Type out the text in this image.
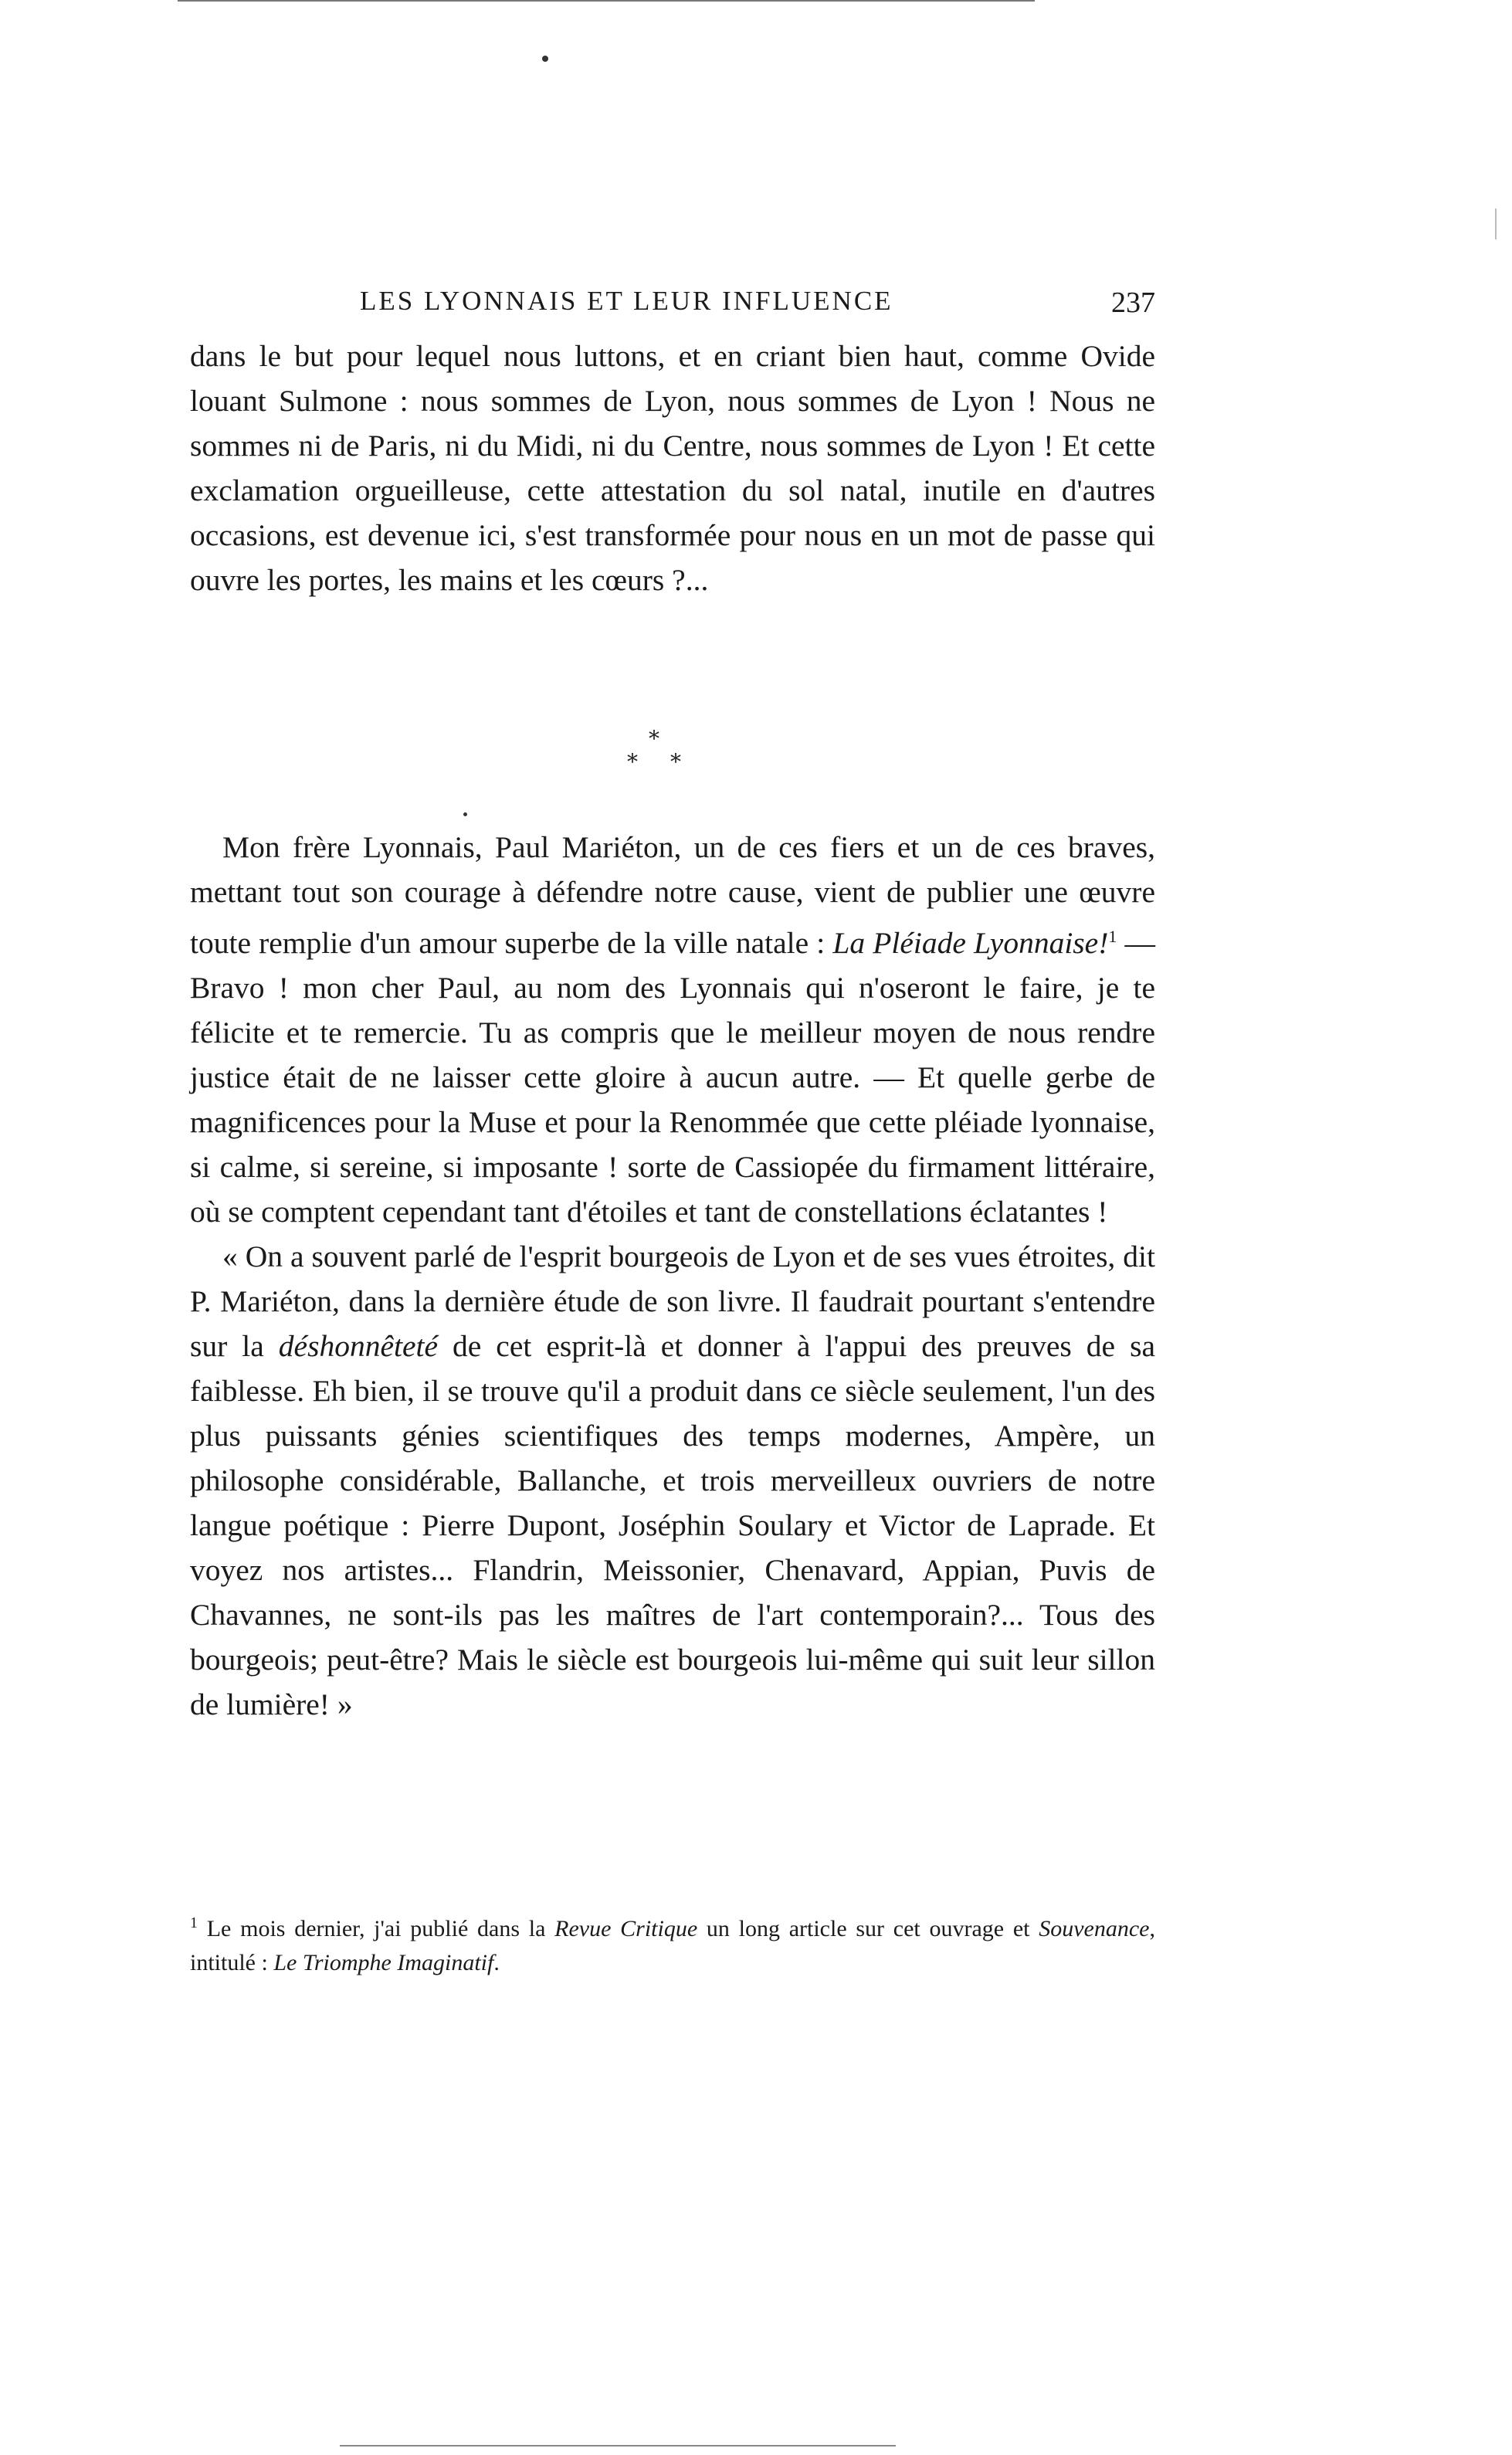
LES LYONNAIS ET LEUR INFLUENCE	237

dans le but pour lequel nous luttons, et en criant bien haut, comme Ovide louant Sulmone : nous sommes de Lyon, nous sommes de Lyon ! Nous ne sommes ni de Paris, ni du Midi, ni du Centre, nous sommes de Lyon ! Et cette exclamation orgueilleuse, cette attestation du sol natal, inutile en d'autres occasions, est devenue ici, s'est transformée pour nous en un mot de passe qui ouvre les portes, les mains et les cœurs ?...

*
* *

Mon frère Lyonnais, Paul Mariéton, un de ces fiers et un de ces braves, mettant tout son courage à défendre notre cause, vient de publier une œuvre toute remplie d'un amour superbe de la ville natale : La Pléiade Lyonnaise!$^1$ — Bravo ! mon cher Paul, au nom des Lyonnais qui n'oseront le faire, je te félicite et te remercie. Tu as compris que le meilleur moyen de nous rendre justice était de ne laisser cette gloire à aucun autre. — Et quelle gerbe de magnificences pour la Muse et pour la Renommée que cette pléiade lyonnaise, si calme, si sereine, si imposante ! sorte de Cassiopée du firmament littéraire, où se comptent cependant tant d'étoiles et tant de constellations éclatantes !

« On a souvent parlé de l'esprit bourgeois de Lyon et de ses vues étroites, dit P. Mariéton, dans la dernière étude de son livre. Il faudrait pourtant s'entendre sur la déshonnêteté de cet esprit-là et donner à l'appui des preuves de sa faiblesse. Eh bien, il se trouve qu'il a produit dans ce siècle seulement, l'un des plus puissants génies scientifiques des temps modernes, Ampère, un philosophe considérable, Ballanche, et trois merveilleux ouvriers de notre langue poétique : Pierre Dupont, Joséphin Soulary et Victor de Laprade. Et voyez nos artistes... Flandrin, Meissonier, Chenavard, Appian, Puvis de Chavannes, ne sont-ils pas les maîtres de l'art contemporain?... Tous des bourgeois; peut-être? Mais le siècle est bourgeois lui-même qui suit leur sillon de lumière! »

$^1$ Le mois dernier, j'ai publié dans la Revue Critique un long article sur cet ouvrage et Souvenance, intitulé : Le Triomphe Imaginatif.
